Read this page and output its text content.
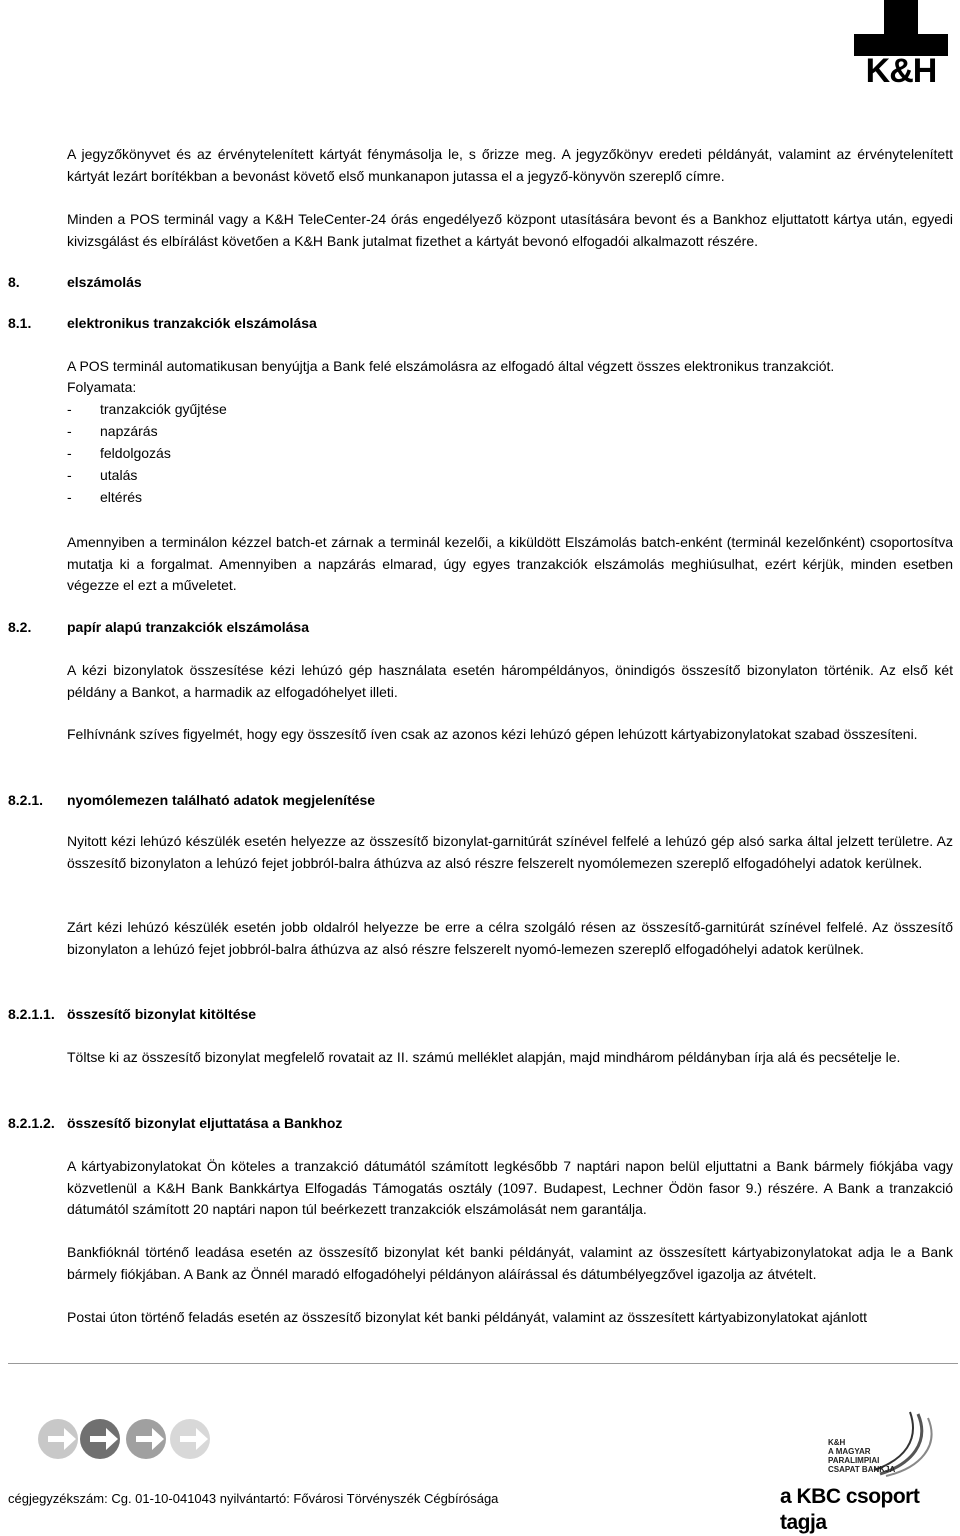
K&H

A jegyzőkönyvet és az érvénytelenített kártyát fénymásolja le, s őrizze meg. A jegyzőkönyv eredeti példányát, valamint az érvénytelenített kártyát lezárt borítékban a bevonást követő első munkanapon jutassa el a jegyző-könyvön szereplő címre.

Minden a POS terminál vagy a K&H TeleCenter-24 órás engedélyező központ utasítására bevont és a Bankhoz eljuttatott kártya után, egyedi kivizsgálást és elbírálást követően a K&H Bank jutalmat fizethet a kártyát bevonó elfogadói alkalmazott részére.

8.	elszámolás
8.1.	elektronikus tranzakciók elszámolása

A POS terminál automatikusan benyújtja a Bank felé elszámolásra az elfogadó által végzett összes elektronikus tranzakciót.

Folyamata:

- tranzakciók gyűjtése
- napzárás
- feldolgozás
- utalás
- eltérés

Amennyiben a terminálon kézzel batch-et zárnak a terminál kezelői, a kiküldött Elszámolás batch-enként (terminál kezelőnként) csoportosítva mutatja ki a forgalmat. Amennyiben a napzárás elmarad, úgy egyes tranzakciók elszámolás meghiúsulhat, ezért kérjük, minden esetben végezze el ezt a műveletet.

8.2.	papír alapú tranzakciók elszámolása

A kézi bizonylatok összesítése kézi lehúzó gép használata esetén hárompéldányos, önindigós összesítő bizonylaton történik. Az első két példány a Bankot, a harmadik az elfogadóhelyet illeti.

Felhívnánk szíves figyelmét, hogy egy összesítő íven csak az azonos kézi lehúzó gépen lehúzott kártyabizonylatokat szabad összesíteni.

8.2.1. nyomólemezen található adatok megjelenítése

Nyitott kézi lehúzó készülék esetén helyezze az összesítő bizonylat-garnitúrát színével felfelé a lehúzó gép alsó sarka által jelzett területre. Az összesítő bizonylaton a lehúzó fejet jobbról-balra áthúzva az alsó részre felszerelt nyomólemezen szereplő elfogadóhelyi adatok kerülnek.

Zárt kézi lehúzó készülék esetén jobb oldalról helyezze be erre a célra szolgáló résen az összesítő-garnitúrát színével felfelé. Az összesítő bizonylaton a lehúzó fejet jobbról-balra áthúzva az alsó részre felszerelt nyomó-lemezen szereplő elfogadóhelyi adatok kerülnek.

8.2.1.1. összesítő bizonylat kitöltése

Töltse ki az összesítő bizonylat megfelelő rovatait az II. számú melléklet alapján, majd mindhárom példányban írja alá és pecsételje le.

8.2.1.2. összesítő bizonylat eljuttatása a Bankhoz

A kártyabizonylatokat Ön köteles a tranzakció dátumától számított legkésőbb 7 naptári napon belül eljuttatni a Bank bármely fiókjába vagy közvetlenül a K&H Bank Bankkártya Elfogadás Támogatás osztály (1097. Budapest, Lechner Ödön fasor 9.) részére. A Bank a tranzakció dátumától számított 20 naptári napon túl beérkezett tranzakciók elszámolását nem garantálja.

Bankfióknál történő leadása esetén az összesítő bizonylat két banki példányát, valamint az összesített kártyabizonylatokat adja le a Bank bármely fiókjában. A Bank az Önnél maradó elfogadóhelyi példányon aláírással és dátumbélyegzővel igazolja az átvételt.

Postai úton történő feladás esetén az összesítő bizonylat két banki példányát, valamint az összesített kártyabizonylatokat ajánlott

K&H
A MAGYAR
PARALIMPIAI
CSAPAT BANKJA
cégjegyzékszám: Cg. 01-10-041043 nyilvántartó: Fővárosi Törvényszék Cégbírósága	a KBC csoport tagja
